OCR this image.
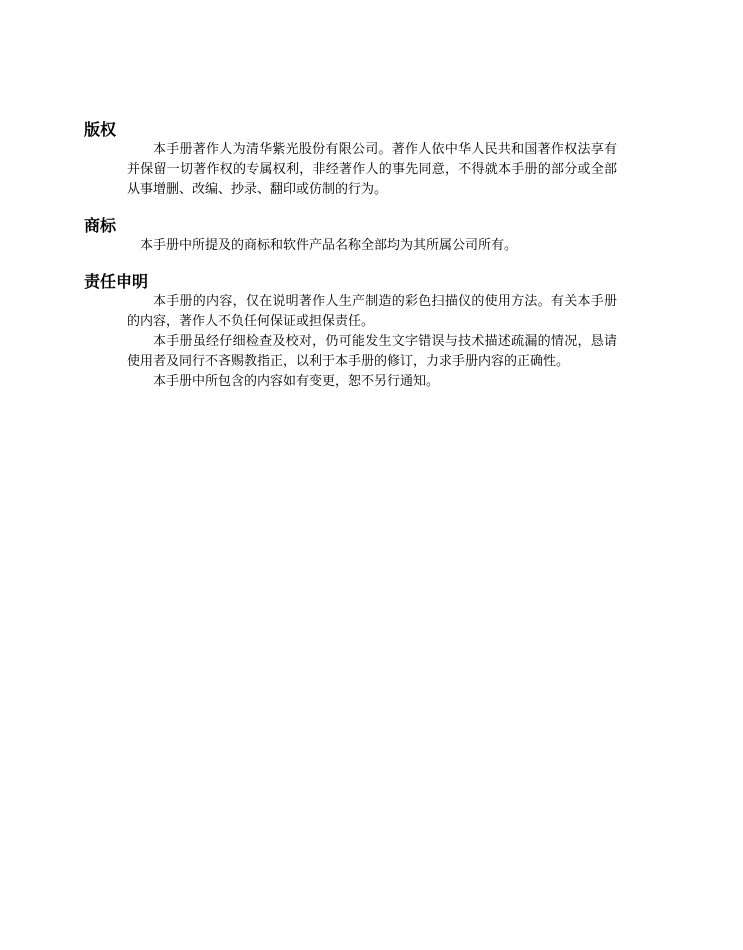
版权

本手册著作人为清华紫光股份有限公司。著作人依中华人民共和国著作权法享有并保留一切著作权的专属权利，非经著作人的事先同意，不得就本手册的部分或全部从事增删、改编、抄录、翻印或仿制的行为。

商标

本手册中所提及的商标和软件产品名称全部均为其所属公司所有。

责任申明

本手册的内容，仅在说明著作人生产制造的彩色扫描仪的使用方法。有关本手册的内容，著作人不负任何保证或担保责任。

本手册虽经仔细检查及校对，仍可能发生文字错误与技术描述疏漏的情况，恳请使用者及同行不吝赐教指正，以利于本手册的修订，力求手册内容的正确性。

本手册中所包含的内容如有变更，恕不另行通知。
